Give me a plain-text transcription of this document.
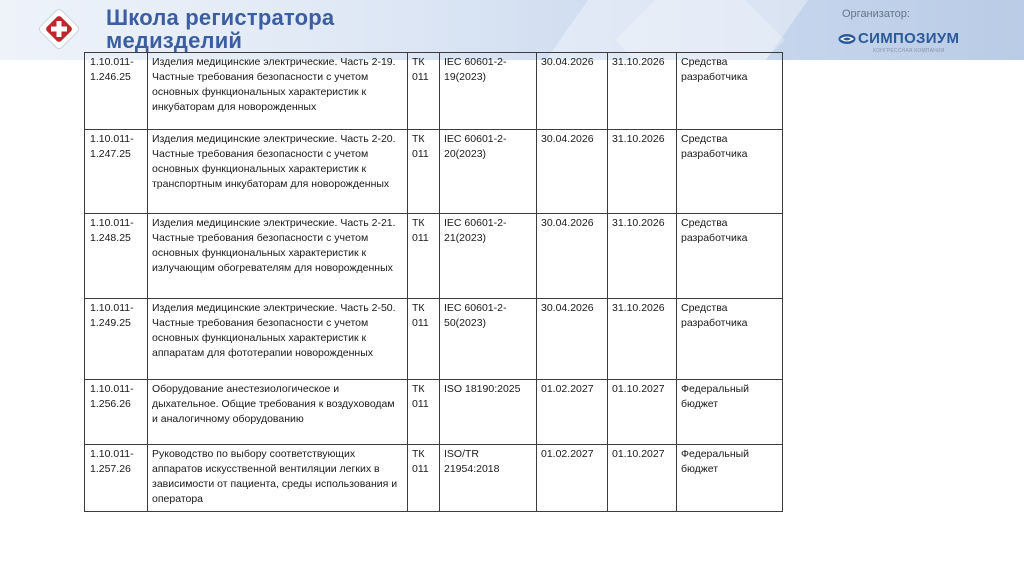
Школа регистратора
медизделий
Организатор:
СИМПОЗИУМ
КОНГРЕССНАЯ КОМПАНИЯ
1.10.011-1.246.25	Изделия медицинские электрические. Часть 2-19. Частные требования безопасности с учетом основных функциональных характеристик к инкубаторам для новорожденных	ТК 011	IEC 60601-2-19(2023)	30.04.2026	31.10.2026	Средства разработчика
1.10.011-1.247.25	Изделия медицинские электрические. Часть 2-20. Частные требования безопасности с учетом основных функциональных характеристик к транспортным инкубаторам для новорожденных	ТК 011	IEC 60601-2-20(2023)	30.04.2026	31.10.2026	Средства разработчика
1.10.011-1.248.25	Изделия медицинские электрические. Часть 2-21. Частные требования безопасности с учетом основных функциональных характеристик к излучающим обогревателям для новорожденных	ТК 011	IEC 60601-2-21(2023)	30.04.2026	31.10.2026	Средства разработчика
1.10.011-1.249.25	Изделия медицинские электрические. Часть 2-50. Частные требования безопасности с учетом основных функциональных характеристик к аппаратам для фототерапии новорожденных	ТК 011	IEC 60601-2-50(2023)	30.04.2026	31.10.2026	Средства разработчика
1.10.011-1.256.26	Оборудование анестезиологическое и дыхательное. Общие требования к воздуховодам и аналогичному оборудованию	ТК 011	ISO 18190:2025	01.02.2027	01.10.2027	Федеральный бюджет
1.10.011-1.257.26	Руководство по выбору соответствующих аппаратов искусственной вентиляции легких в зависимости от пациента, среды использования и оператора	ТК 011	ISO/TR 21954:2018	01.02.2027	01.10.2027	Федеральный бюджет
